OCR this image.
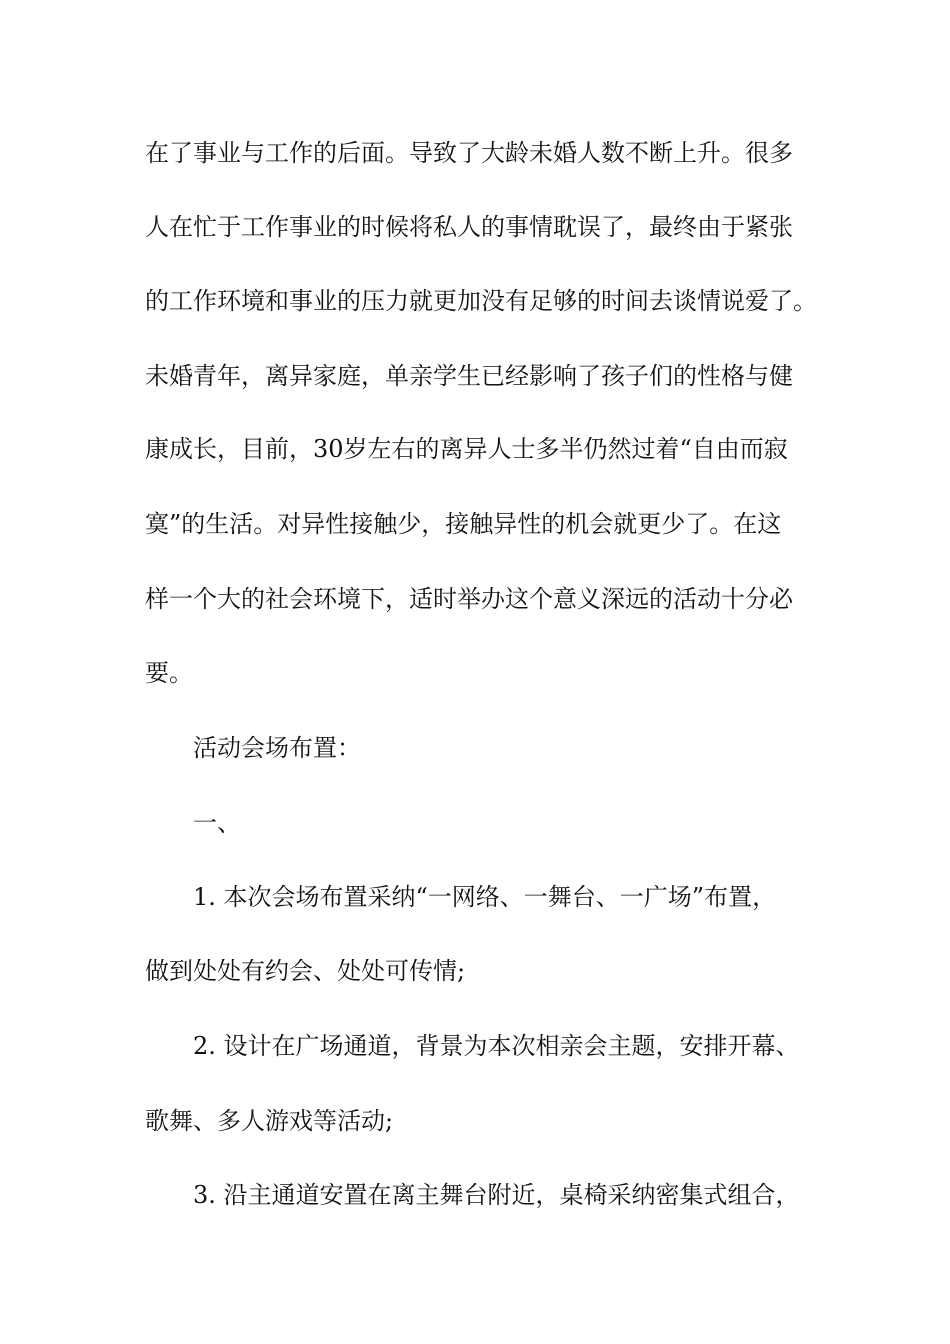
在了事业与工作的后面。导致了大龄未婚人数不断上升。很多
人在忙于工作事业的时候将私人的事情耽误了，最终由于紧张
的工作环境和事业的压力就更加没有足够的时间去谈情说爱了。
未婚青年，离异家庭，单亲学生已经影响了孩子们的性格与健
康成长，目前，30岁左右的离异人士多半仍然过着“自由而寂
寞”的生活。对异性接触少，接触异性的机会就更少了。在这
样一个大的社会环境下，适时举办这个意义深远的活动十分必
要。
活动会场布置：
一、
1. 本次会场布置采纳“一网络、一舞台、一广场”布置，
做到处处有约会、处处可传情;
2. 设计在广场通道，背景为本次相亲会主题，安排开幕、
歌舞、多人游戏等活动;
3. 沿主通道安置在离主舞台附近，桌椅采纳密集式组合，
